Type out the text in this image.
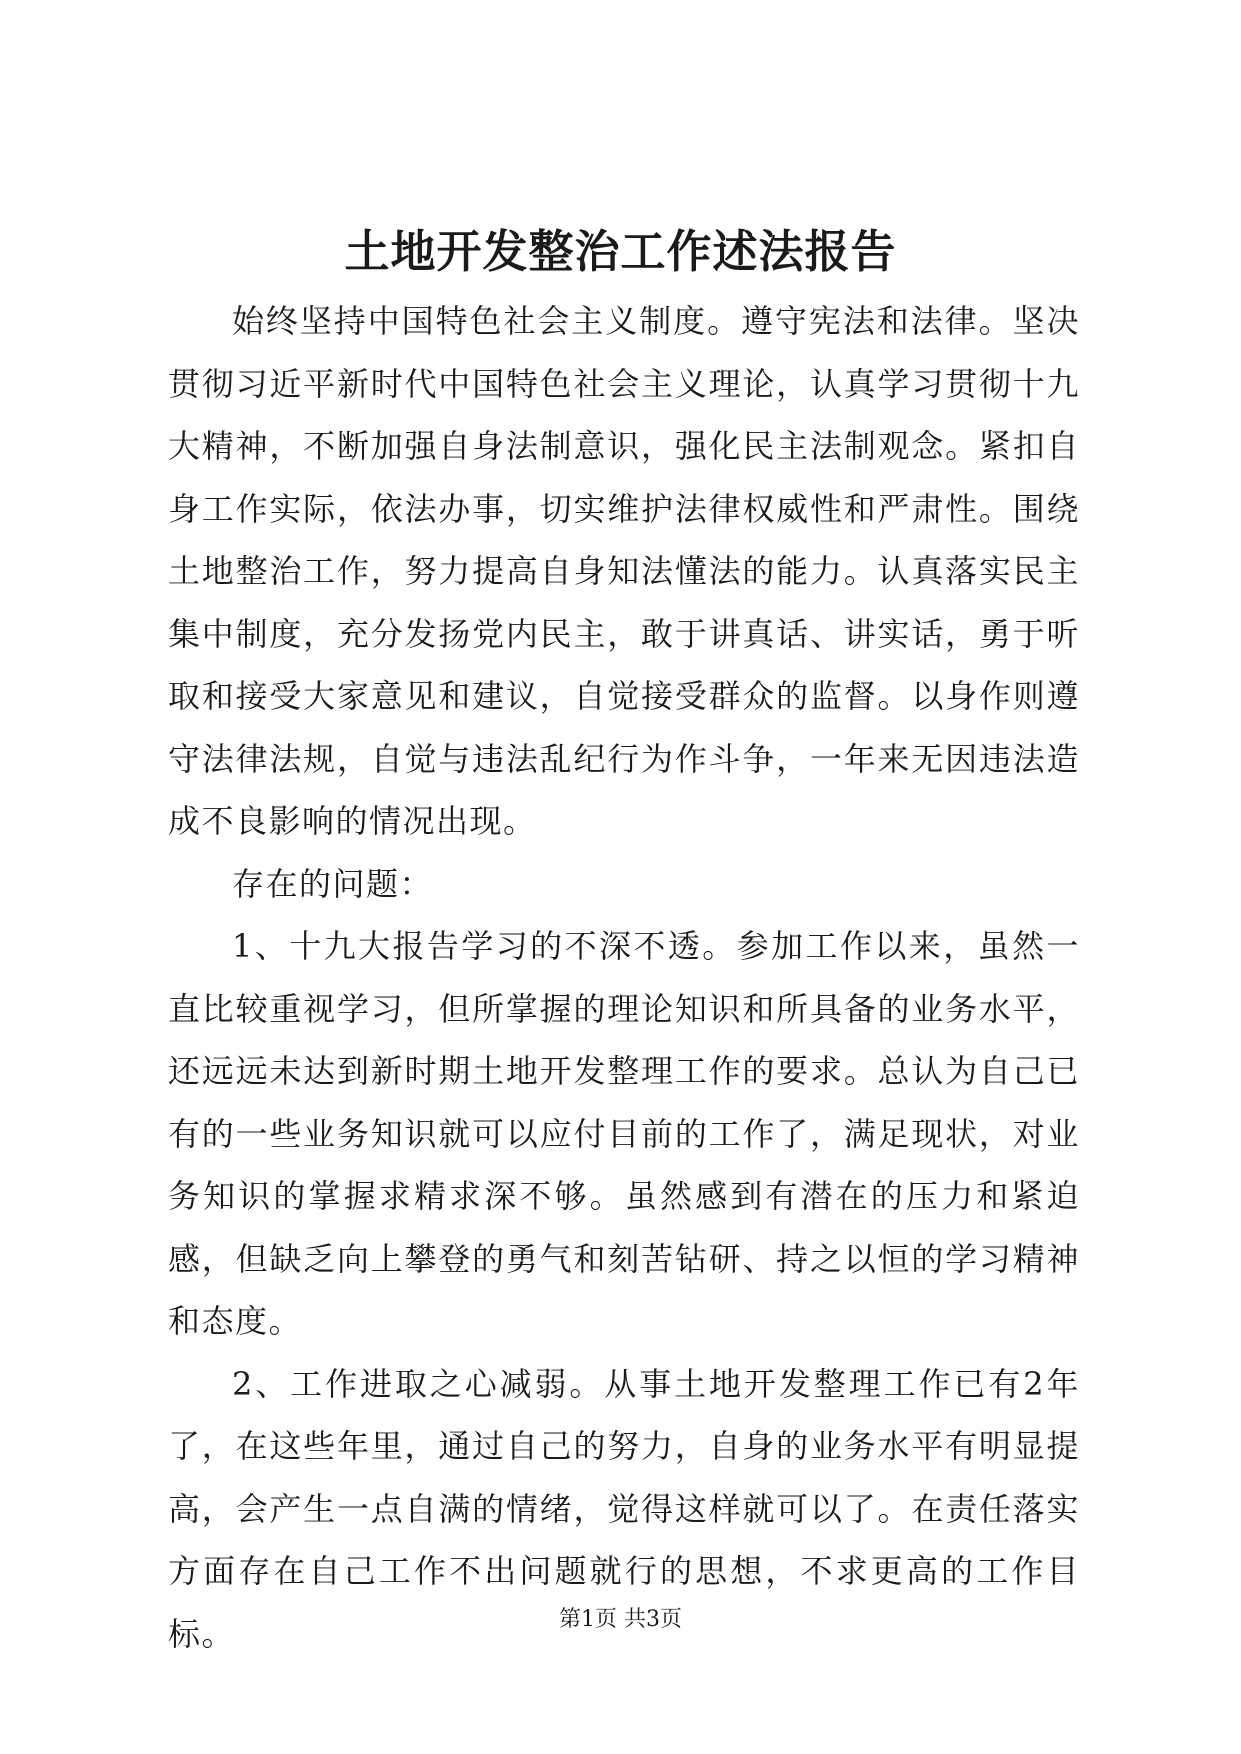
土地开发整治工作述法报告

始终坚持中国特色社会主义制度。遵守宪法和法律。坚决贯彻习近平新时代中国特色社会主义理论，认真学习贯彻十九大精神，不断加强自身法制意识，强化民主法制观念。紧扣自身工作实际，依法办事，切实维护法律权威性和严肃性。围绕土地整治工作，努力提高自身知法懂法的能力。认真落实民主集中制度，充分发扬党内民主，敢于讲真话、讲实话，勇于听取和接受大家意见和建议，自觉接受群众的监督。以身作则遵守法律法规，自觉与违法乱纪行为作斗争，一年来无因违法造成不良影响的情况出现。

存在的问题：

1、十九大报告学习的不深不透。参加工作以来，虽然一直比较重视学习，但所掌握的理论知识和所具备的业务水平，还远远未达到新时期土地开发整理工作的要求。总认为自己已有的一些业务知识就可以应付目前的工作了，满足现状，对业务知识的掌握求精求深不够。虽然感到有潜在的压力和紧迫感，但缺乏向上攀登的勇气和刻苦钻研、持之以恒的学习精神和态度。

2、工作进取之心减弱。从事土地开发整理工作已有2年了，在这些年里，通过自己的努力，自身的业务水平有明显提高，会产生一点自满的情绪，觉得这样就可以了。在责任落实方面存在自己工作不出问题就行的思想，不求更高的工作目标。	第1页 共3页
